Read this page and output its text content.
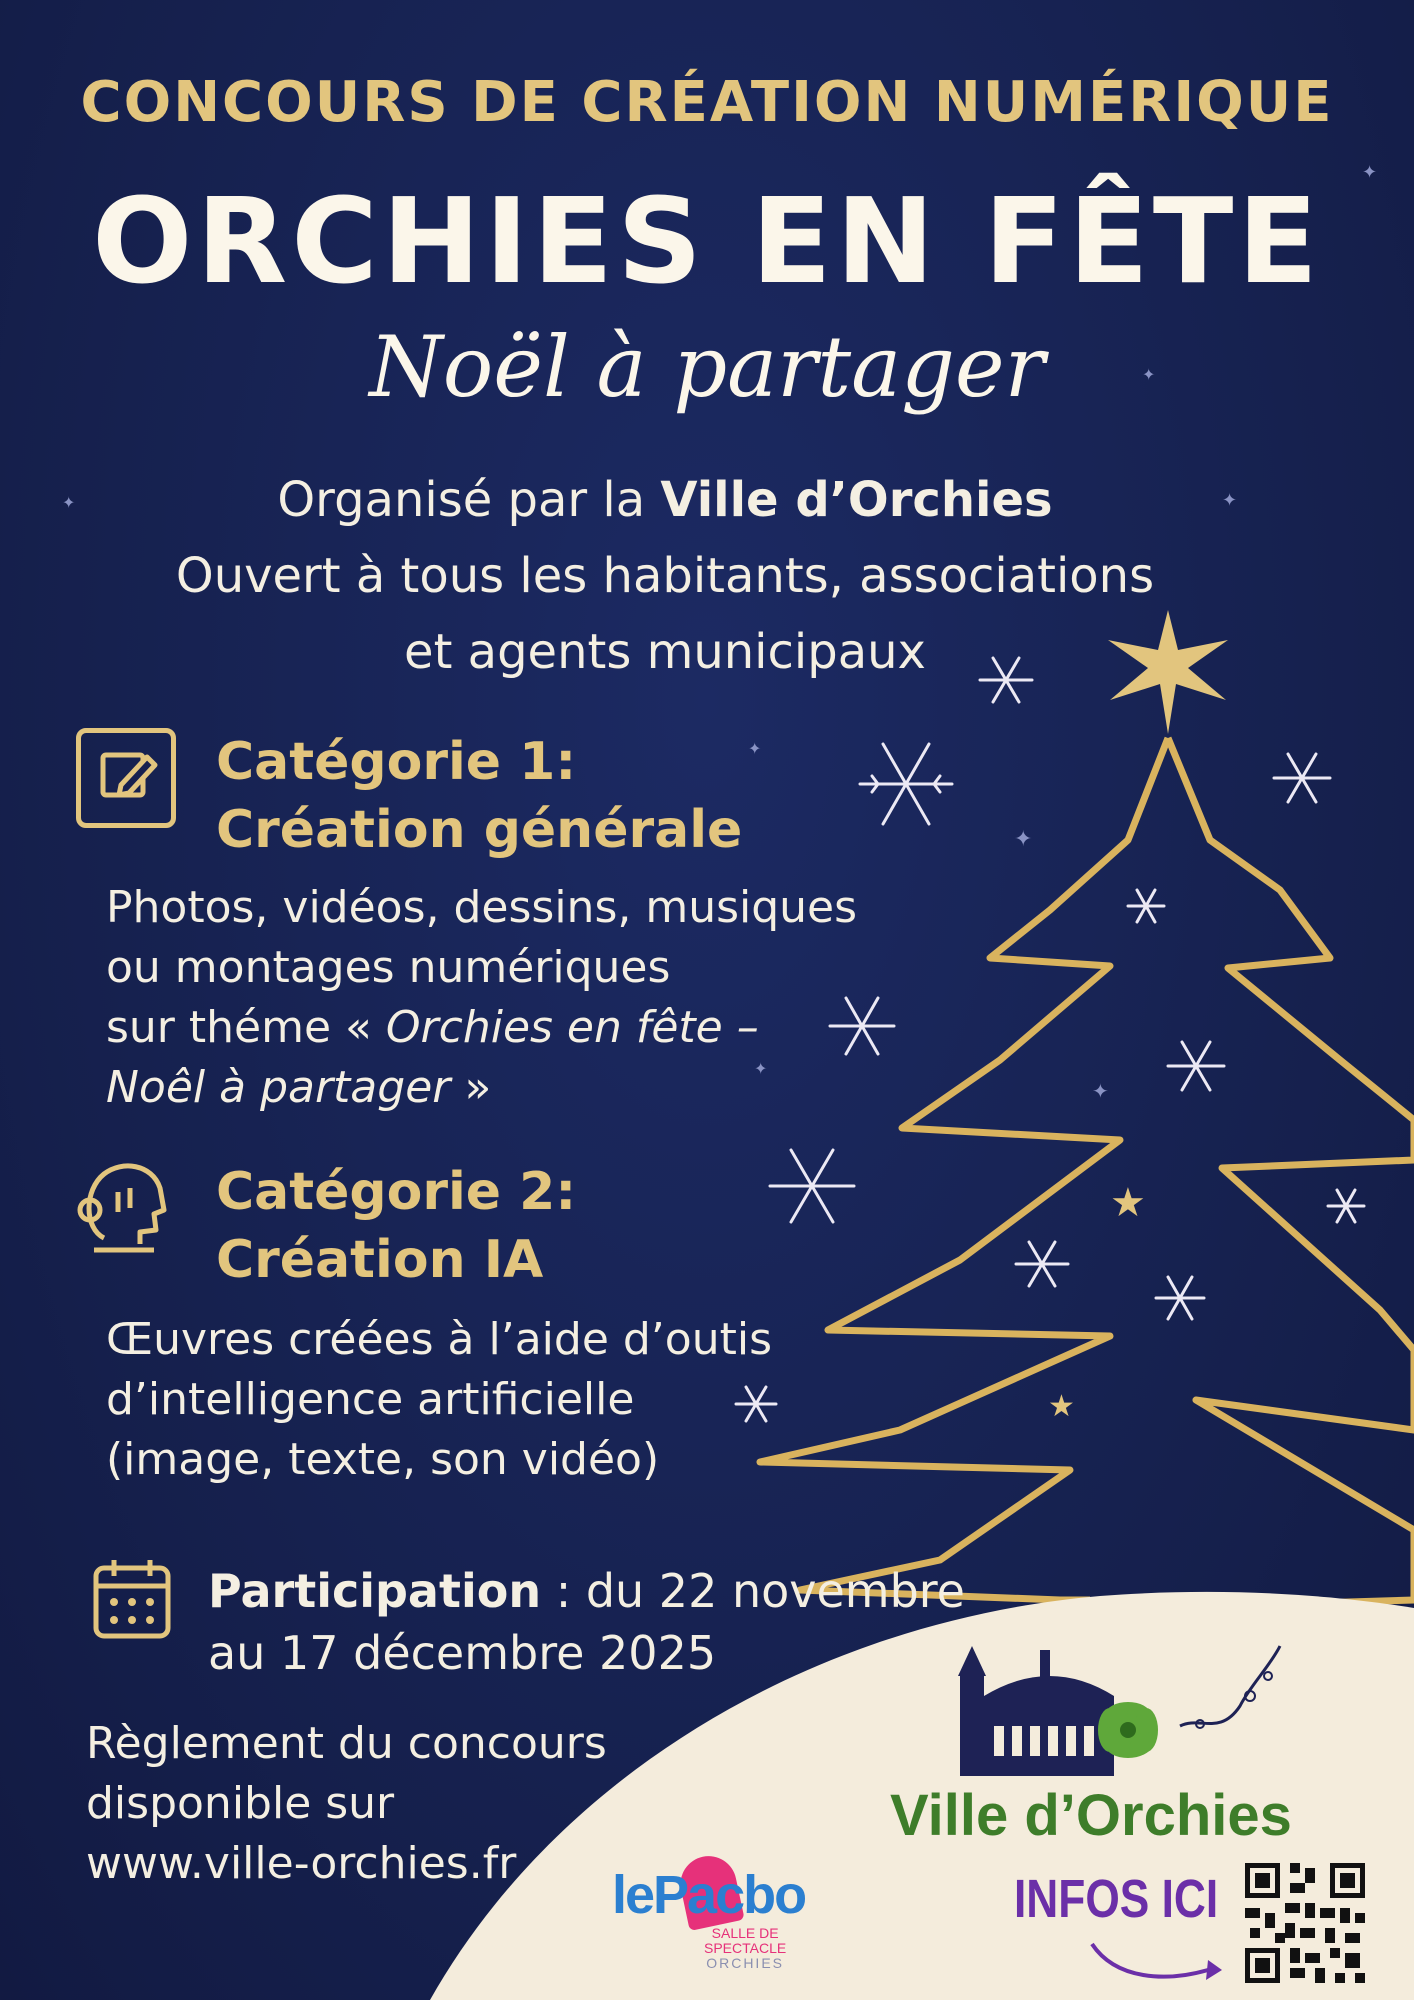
✦
✦
✦	✦
✦
✦
✦
✦
★
★
CONCOURS DE CRÉATION NUMÉRIQUE
ORCHIES EN FÊTE
Noël à partager
Organisé par la Ville d’Orchies
Ouvert à tous les habitants, associations
et agents municipaux
Catégorie 1:
Création générale
Photos, vidéos, dessins, musiques
ou montages numériques
sur théme « Orchies en fête –
Noêl à partager »
Catégorie 2:
Création IA
Œuvres créées à l’aide d’outis
d’intelligence artificielle
(image, texte, son vidéo)
Participation : du 22 novembre
au 17 décembre 2025
Règlement du concours
disponible sur
www.ville-orchies.fr
Ville d’Orchies
lePacbo
SALLE DE
SPECTACLE
ORCHIES
INFOS ICI
